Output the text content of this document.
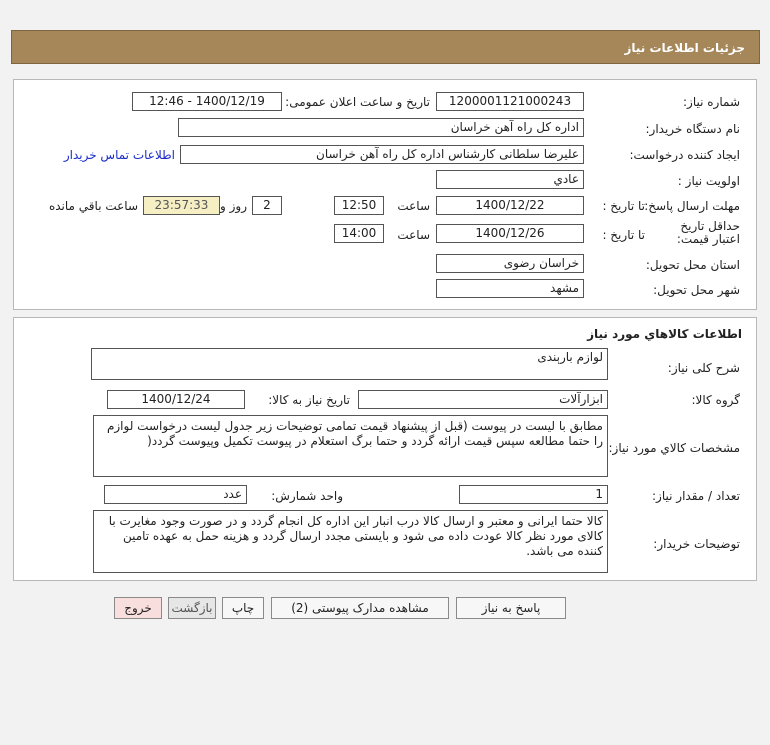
جزئیات اطلاعات نیاز
شماره نیاز:
1200001121000243
تاریخ و ساعت اعلان عمومی:
1400/12/19 - 12:46
نام دستگاه خریدار:
اداره کل راه آهن خراسان
ایجاد کننده درخواست:
علیرضا سلطانی کارشناس اداره کل راه آهن خراسان
اطلاعات تماس خریدار
اولویت نیاز :
عادي
مهلت ارسال پاسخ:
تا تاریخ :
1400/12/22
ساعت
12:50
2
روز و
23:57:33
ساعت باقي مانده
حداقل تاریخ اعتبار قیمت:
تا تاریخ :
1400/12/26
ساعت
14:00
استان محل تحویل:
خراسان رضوی
شهر محل تحویل:
مشهد
اطلاعات كالاهاي مورد نياز
شرح کلی نیاز:
لوازم بارېندی
گروه کالا:
ابزارآلات
تاریخ نیاز به کالا:
1400/12/24
مشخصات کالاي مورد نياز:
مطابق با لیست در پیوست (قبل از پیشنهاد قیمت تمامی توضیحات زیر جدول لیست درخواست لوازم را حتما مطالعه سپس قیمت ارائه گردد و حتما برگ استعلام در پیوست تکمیل وپیوست گردد(
تعداد / مقدار نیاز:
1
واحد شمارش:
عدد
توضیحات خریدار:
کالا حتما ایرانی و معتبر و ارسال کالا درب انبار این اداره کل انجام گردد و در صورت وجود مغایرت با کالای مورد نظر کالا عودت داده می شود و بایستی مجدد ارسال گردد و هزینه حمل به عهده تامین کننده می باشد.
پاسخ به نیاز
مشاهده مدارک پیوستی (2)
چاپ
بازگشت
خروج
